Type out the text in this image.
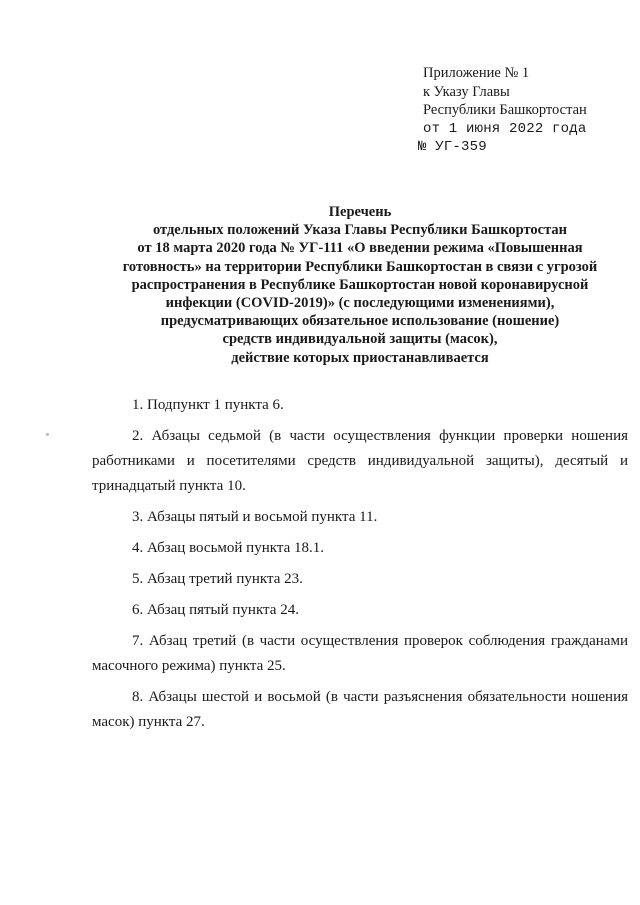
Приложение № 1
к Указу Главы
Республики Башкортостан
от 1 июня 2022 года
№ УГ-359
Перечень
отдельных положений Указа Главы Республики Башкортостан
от 18 марта 2020 года № УГ-111 «О введении режима «Повышенная
готовность» на территории Республики Башкортостан в связи с угрозой
распространения в Республике Башкортостан новой коронавирусной
инфекции (COVID-2019)» (с последующими изменениями),
предусматривающих обязательное использование (ношение)
средств индивидуальной защиты (масок),
действие которых приостанавливается

1. Подпункт 1 пункта 6.

2. Абзацы седьмой (в части осуществления функции проверки ношения работниками и посетителями средств индивидуальной защиты), десятый и тринадцатый пункта 10.

3. Абзацы пятый и восьмой пункта 11.

4. Абзац восьмой пункта 18.1.

5. Абзац третий пункта 23.

6. Абзац пятый пункта 24.

7. Абзац третий (в части осуществления проверок соблюдения гражданами масочного режима) пункта 25.

8. Абзацы шестой и восьмой (в части разъяснения обязательности ношения масок) пункта 27.
